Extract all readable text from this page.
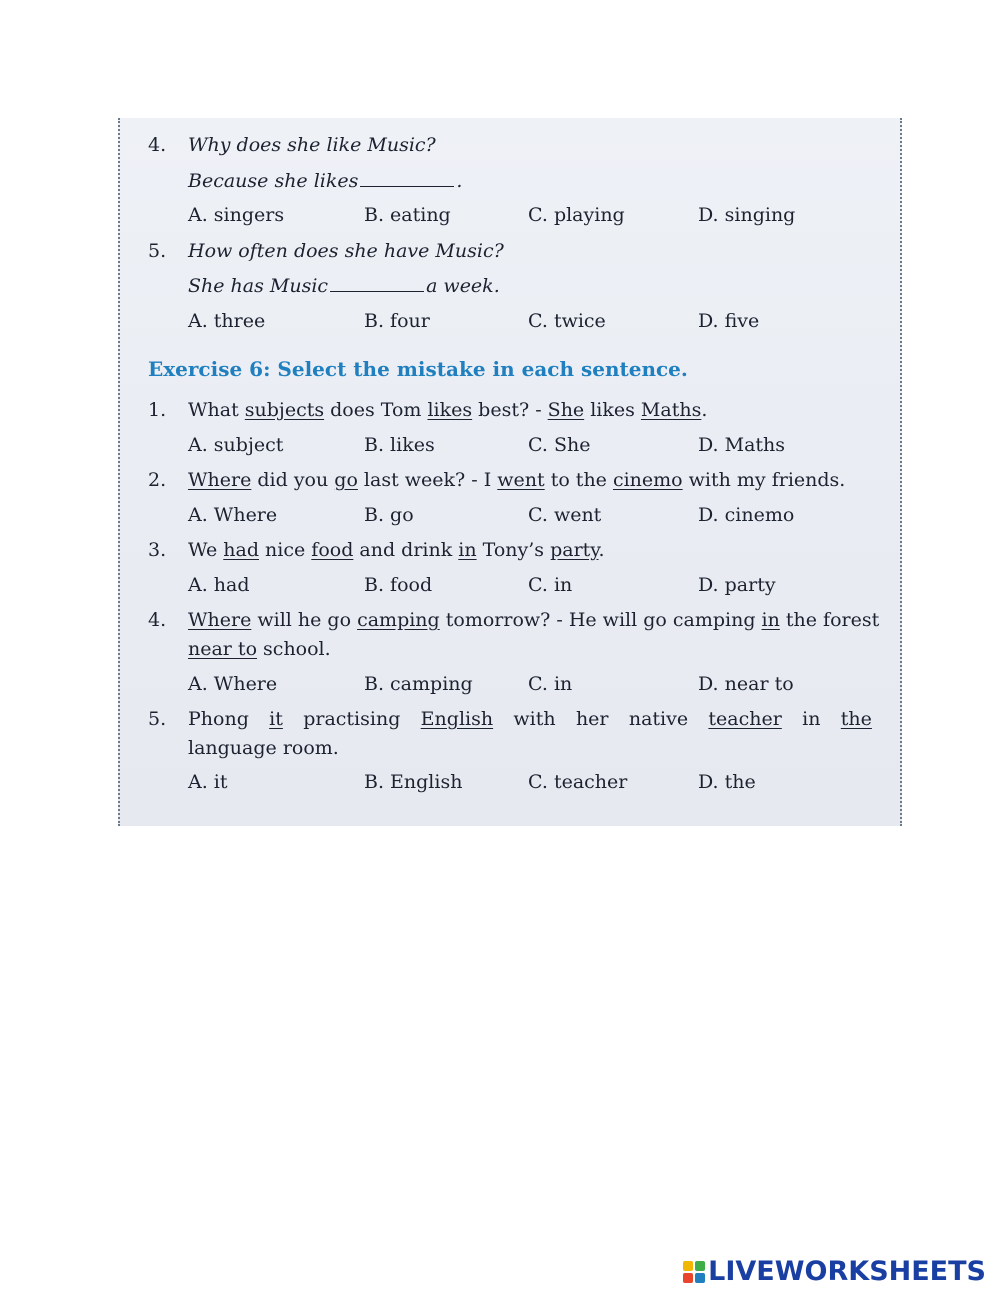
4. Why does she like Music?
Because she likes	.
A. singers	B. eating	C. playing	D. singing
5. How often does she have Music?
She has Music	a week.
A. three	B. four	C. twice	D. five
Exercise 6: Select the mistake in each sentence.
1. What subjects does Tom likes best? - She likes Maths.
A. subject	B. likes	C. She	D. Maths
2. Where did you go last week? - I went to the cinemo with my friends.
A. Where	B. go	C. went	D. cinemo
3. We had nice food and drink in Tony’s party.
A. had	B. food	C. in	D. party
4. Where will he go camping tomorrow? - He will go camping in the forest
near to school.
A. Where	B. camping	C. in	D. near to
5. Phong it practising English with her native teacher in the
language room.
A. it	B. English	C. teacher	D. the
LIVEWORKSHEETS
